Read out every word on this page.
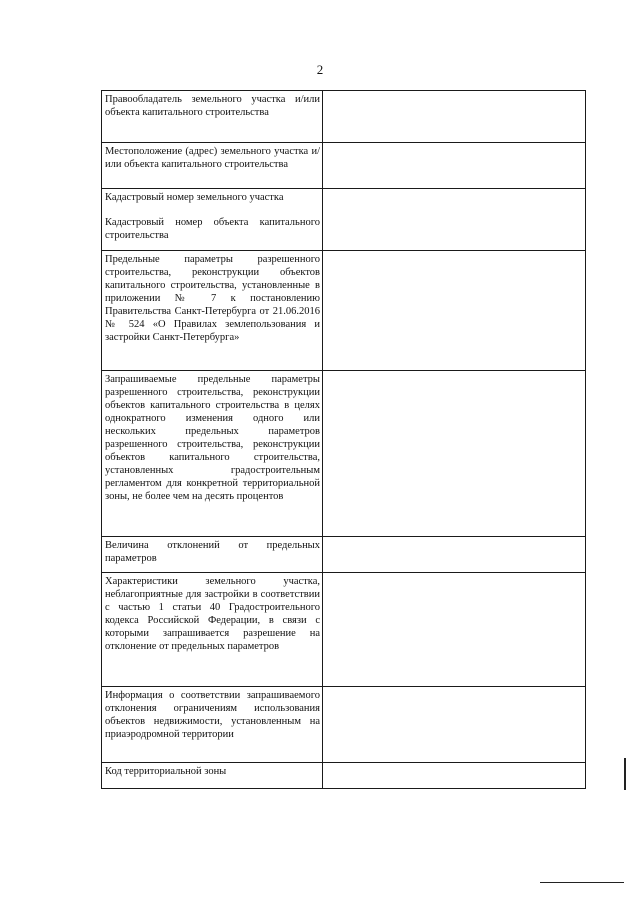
2
Правообладатель земельного участка и/или объекта капитального строительства	
Местоположение (адрес) земельного участка и/или объекта капитального строительства	

Кадастровый номер земельного участка
Кадастровый номер объекта капитального строительства	

Предельные параметры разрешенного строительства, реконструкции объектов капитального строительства, установленные в приложении № 7 к постановлению Правительства Санкт-Петербурга от 21.06.2016 № 524 «О Правилах землепользования и застройки Санкт-Петербурга»	
Запрашиваемые предельные параметры разрешенного строительства, реконструкции объектов капитального строительства в целях однократного изменения одного или нескольких предельных параметров разрешенного строительства, реконструкции объектов капитального строительства, установленных градостроительным регламентом для конкретной территориальной зоны, не более чем на десять процентов	
Величина отклонений от предельных параметров	
Характеристики земельного участка, неблагоприятные для застройки в соответствии с частью 1 статьи 40 Градостроительного кодекса Российской Федерации, в связи с которыми запрашивается разрешение на отклонение от предельных параметров	
Информация о соответствии запрашиваемого отклонения ограничениям использования объектов недвижимости, установленным на приаэродромной территории	
Код территориальной зоны	
